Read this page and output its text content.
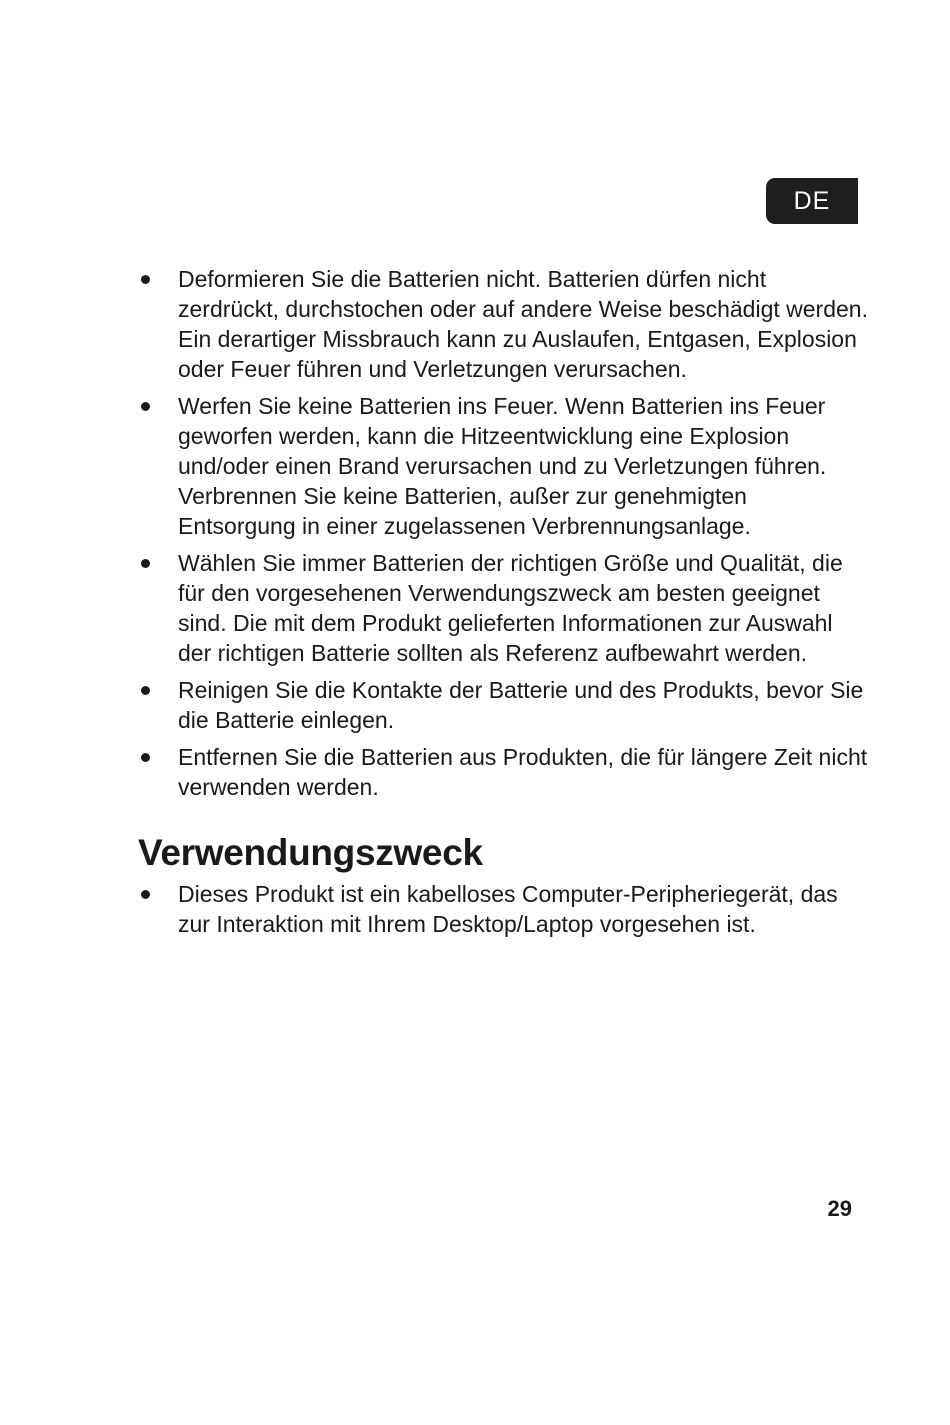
DE
Deformieren Sie die Batterien nicht. Batterien dürfen nicht zerdrückt, durchstochen oder auf andere Weise beschädigt werden. Ein derartiger Missbrauch kann zu Auslaufen, Entgasen, Explosion oder Feuer führen und Verletzungen verursachen.
Werfen Sie keine Batterien ins Feuer. Wenn Batterien ins Feuer geworfen werden, kann die Hitzeentwicklung eine Explosion und/oder einen Brand verursachen und zu Verletzungen führen. Verbrennen Sie keine Batterien, außer zur genehmigten Entsorgung in einer zugelassenen Verbrennungsanlage.
Wählen Sie immer Batterien der richtigen Größe und Qualität, die für den vorgesehenen Verwendungszweck am besten geeignet sind. Die mit dem Produkt gelieferten Informationen zur Auswahl der richtigen Batterie sollten als Referenz aufbewahrt werden.
Reinigen Sie die Kontakte der Batterie und des Produkts, bevor Sie die Batterie einlegen.
Entfernen Sie die Batterien aus Produkten, die für längere Zeit nicht verwenden werden.
Verwendungszweck
Dieses Produkt ist ein kabelloses Computer-Peripheriegerät, das zur Interaktion mit Ihrem Desktop/Laptop vorgesehen ist.
29
